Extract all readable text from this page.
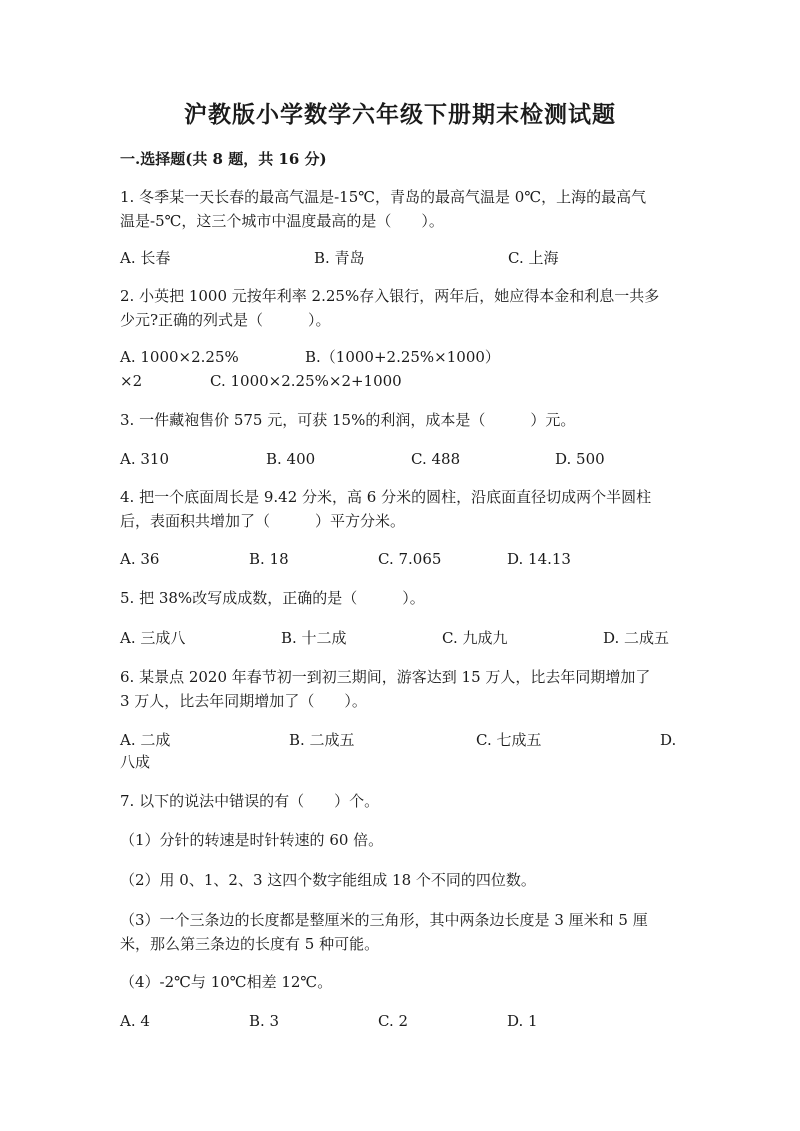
沪教版小学数学六年级下册期末检测试题
一.选择题(共 8 题，共 16 分)
1. 冬季某一天长春的最高气温是-15℃，青岛的最高气温是 0℃，上海的最高气
温是-5℃，这三个城市中温度最高的是（　　）。
A. 长春	B. 青岛	C. 上海
2. 小英把 1000 元按年利率 2.25%存入银行，两年后，她应得本金和利息一共多
少元?正确的列式是（　　　）。
A. 1000×2.25%	B.（1000+2.25%×1000）
×2	C. 1000×2.25%×2+1000
3. 一件藏袍售价 575 元，可获 15%的利润，成本是（　　　）元。
A. 310	B. 400	C. 488	D. 500
4. 把一个底面周长是 9.42 分米，高 6 分米的圆柱，沿底面直径切成两个半圆柱
后，表面积共增加了（　　　）平方分米。
A. 36	B. 18	C. 7.065	D. 14.13
5. 把 38%改写成成数，正确的是（　　　）。
A. 三成八	B. 十二成	C. 九成九	D. 二成五
6. 某景点 2020 年春节初一到初三期间，游客达到 15 万人，比去年同期增加了
3 万人，比去年同期增加了（　　）。
A. 二成	B. 二成五	C. 七成五	D.
八成
7. 以下的说法中错误的有（　　）个。
（1）分针的转速是时针转速的 60 倍。
（2）用 0、1、2、3 这四个数字能组成 18 个不同的四位数。
（3）一个三条边的长度都是整厘米的三角形，其中两条边长度是 3 厘米和 5 厘
米，那么第三条边的长度有 5 种可能。
（4）-2℃与 10℃相差 12℃。
A. 4	B. 3	C. 2	D. 1
